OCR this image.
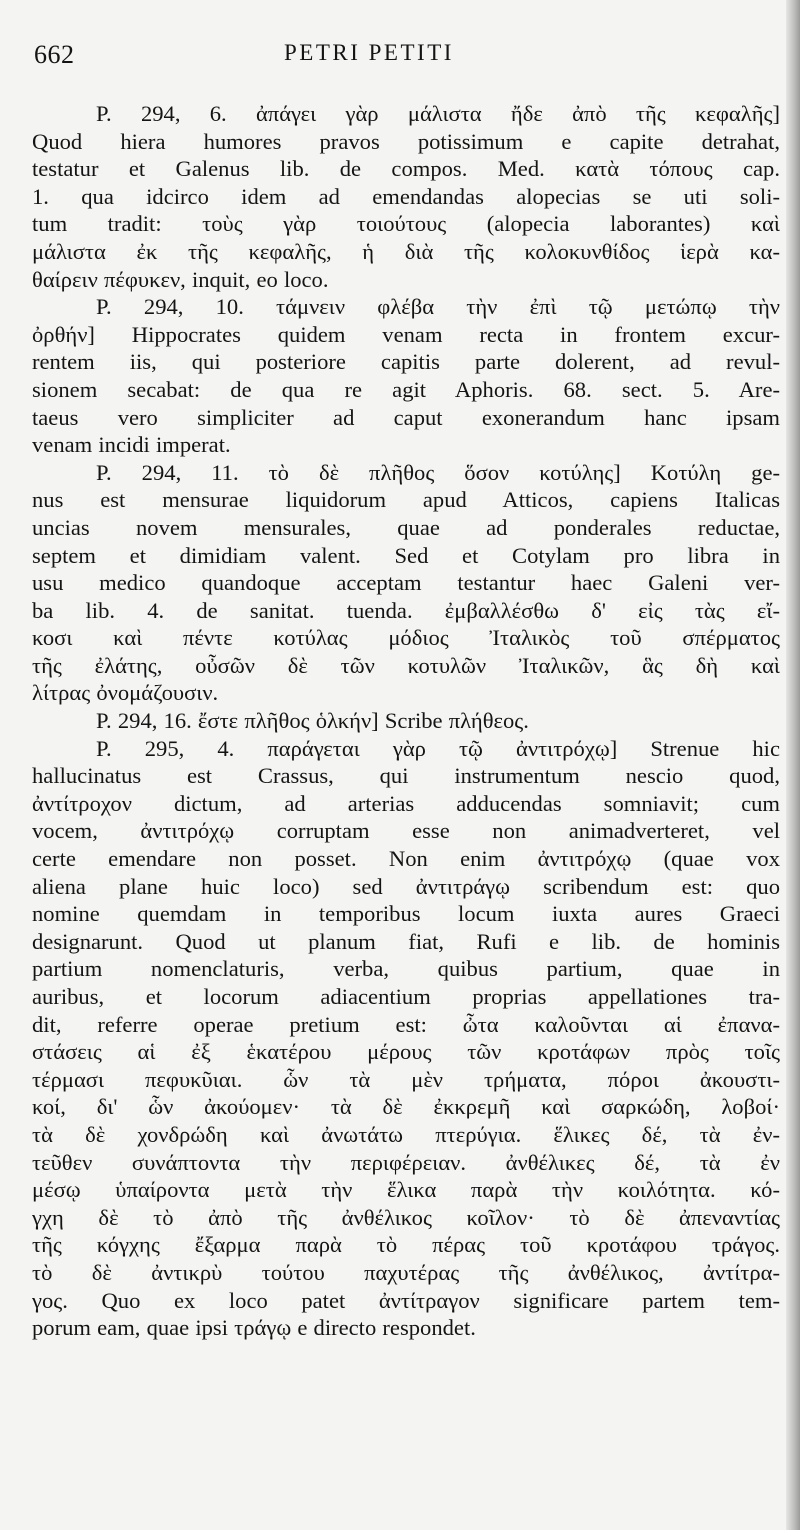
662	PETRI PETITI
P. 294, 6. ἀπάγει γὰρ μάλιστα ἤδε ἀπὸ τῆς κεφαλῆς]
Quod hiera humores pravos potissimum e capite detrahat,
testatur et Galenus lib. de compos. Med. κατὰ τόπους cap.
1. qua idcirco idem ad emendandas alopecias se uti soli-
tum tradit: τοὺς γὰρ τοιούτους (alopecia laborantes) καὶ
μάλιστα ἐκ τῆς κεφαλῆς, ἡ διὰ τῆς κολοκυνθίδος ἱερὰ κα-
θαίρειν πέφυκεν, inquit, eo loco.
P. 294, 10. τάμνειν φλέβα τὴν ἐπὶ τῷ μετώπῳ τὴν
ὀρθήν] Hippocrates quidem venam recta in frontem excur-
rentem iis, qui posteriore capitis parte dolerent, ad revul-
sionem secabat: de qua re agit Aphoris. 68. sect. 5. Are-
taeus vero simpliciter ad caput exonerandum hanc ipsam
venam incidi imperat.
P. 294, 11. τὸ δὲ πλῆθος ὅσον κοτύλης] Κοτύλη ge-
nus est mensurae liquidorum apud Atticos, capiens Italicas
uncias novem mensurales, quae ad ponderales reductae,
septem et dimidiam valent. Sed et Cotylam pro libra in
usu medico quandoque acceptam testantur haec Galeni ver-
ba lib. 4. de sanitat. tuenda. ἐμβαλλέσθω δ' εἰς τὰς εἴ-
κοσι καὶ πέντε κοτύλας μόδιος Ἰταλικὸς τοῦ σπέρματος
τῆς ἐλάτης, οὖσῶν δὲ τῶν κοτυλῶν Ἰταλικῶν, ἃς δὴ καὶ
λίτρας ὀνομάζουσιν.
P. 294, 16. ἔστε πλῆθος ὁλκήν] Scribe πλήθεος.
P. 295, 4. παράγεται γὰρ τῷ ἀντιτρόχῳ] Strenue hic
hallucinatus est Crassus, qui instrumentum nescio quod,
ἀντίτροχον dictum, ad arterias adducendas somniavit; cum
vocem, ἀντιτρόχῳ corruptam esse non animadverteret, vel
certe emendare non posset. Non enim ἀντιτρόχῳ (quae vox
aliena plane huic loco) sed ἀντιτράγῳ scribendum est: quo
nomine quemdam in temporibus locum iuxta aures Graeci
designarunt. Quod ut planum fiat, Rufi e lib. de hominis
partium nomenclaturis, verba, quibus partium, quae in
auribus, et locorum adiacentium proprias appellationes tra-
dit, referre operae pretium est: ὦτα καλοῦνται αἱ ἐπανα-
στάσεις αἱ ἐξ ἑκατέρου μέρους τῶν κροτάφων πρὸς τοῖς
τέρμασι πεφυκῦιαι. ὧν τὰ μὲν τρήματα, πόροι ἀκουστι-
κοί, δι' ὧν ἀκούομεν· τὰ δὲ ἐκκρεμῆ καὶ σαρκώδη, λοβοί·
τὰ δὲ χονδρώδη καὶ ἀνωτάτω πτερύγια. ἕλικες δέ, τὰ ἐν-
τεῦθεν συνάπτοντα τὴν περιφέρειαν. ἀνθέλικες δέ, τὰ ἐν
μέσῳ ὑπαίροντα μετὰ τὴν ἕλικα παρὰ τὴν κοιλότητα. κό-
γχη δὲ τὸ ἀπὸ τῆς ἀνθέλικος κοῖλον· τὸ δὲ ἀπεναντίας
τῆς κόγχης ἔξαρμα παρὰ τὸ πέρας τοῦ κροτάφου τράγος.
τὸ δὲ ἀντικρὺ τούτου παχυτέρας τῆς ἀνθέλικος, ἀντίτρα-
γος. Quo ex loco patet ἀντίτραγον significare partem tem-
porum eam, quae ipsi τράγῳ e directo respondet.
